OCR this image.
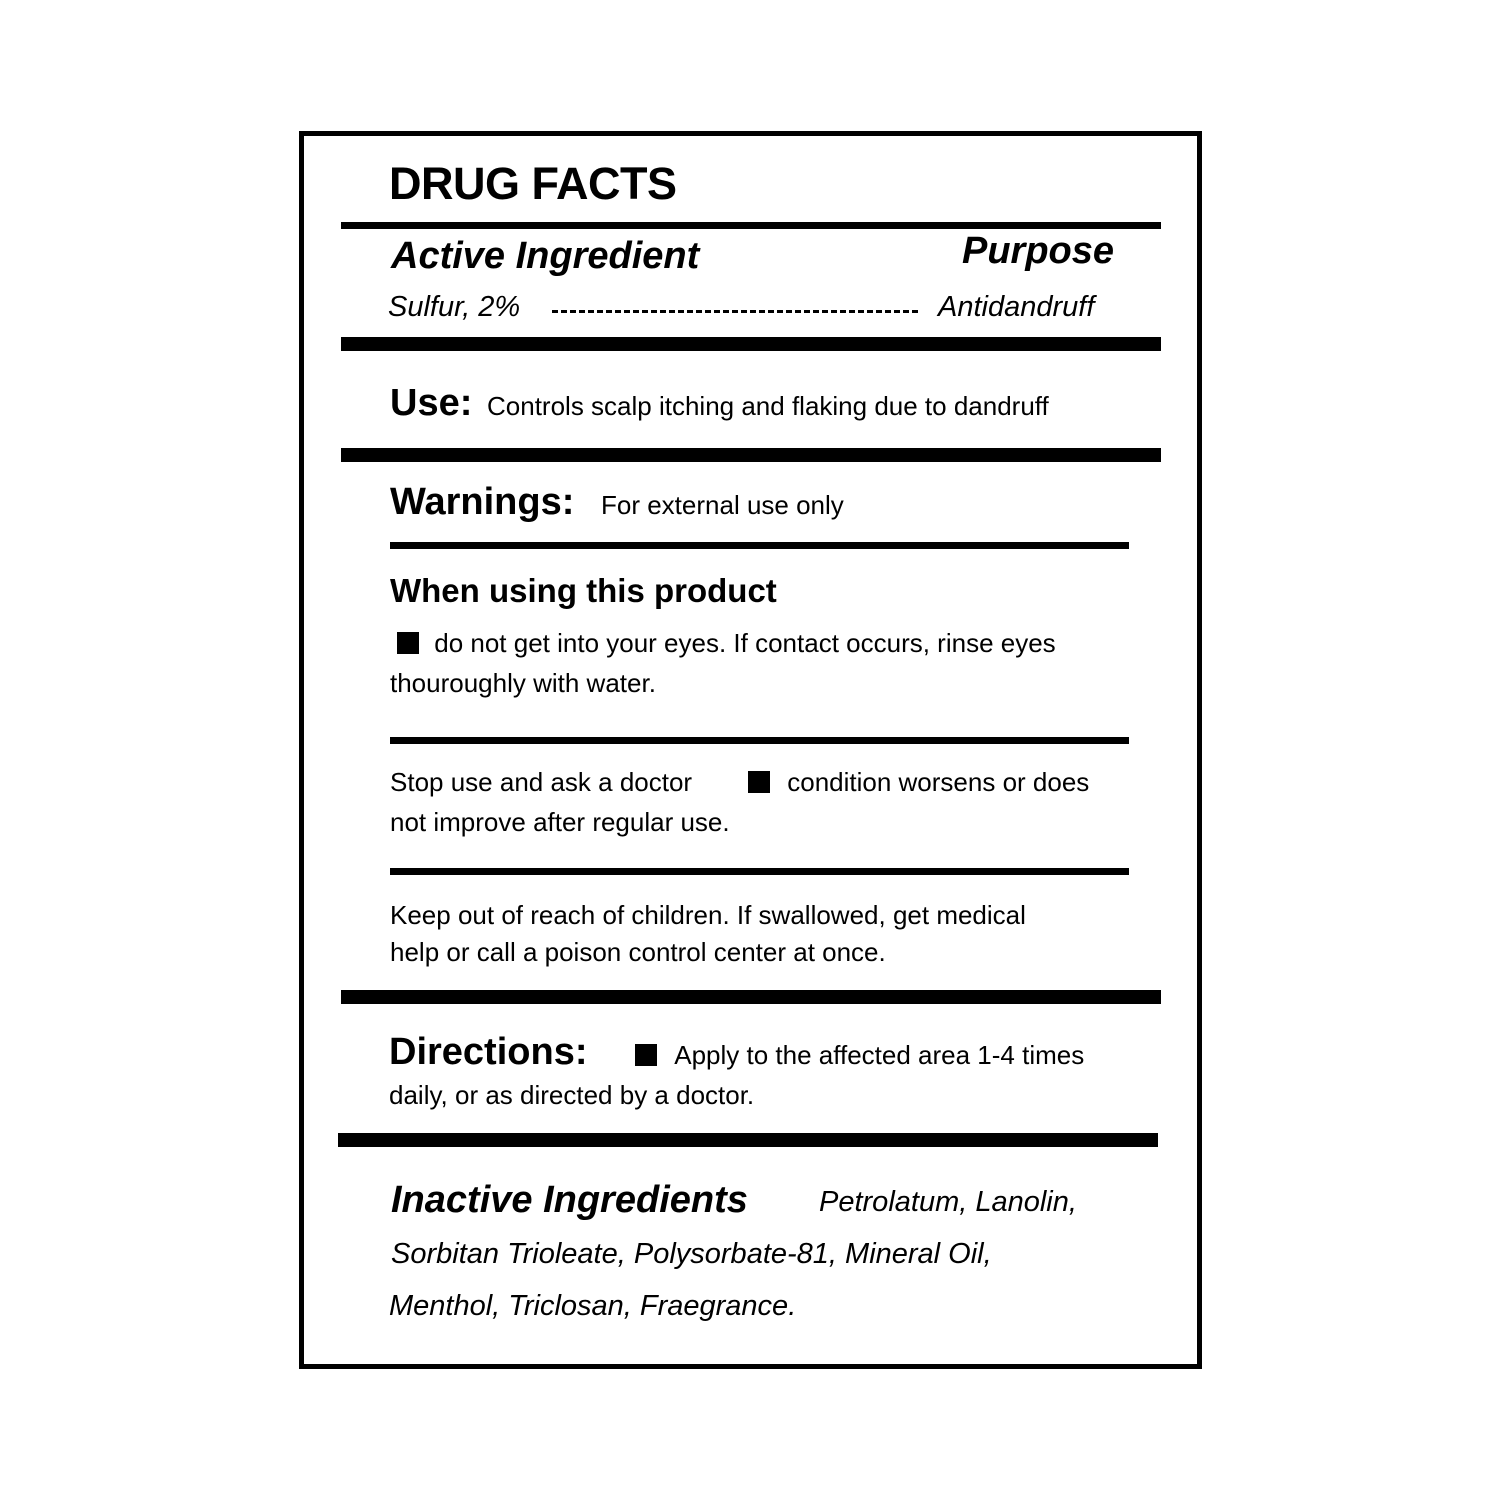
DRUG FACTS
Active Ingredient	Purpose
Sulfur, 2%	Antidandruff
Use: Controls scalp itching and flaking due to dandruff
Warnings: For external use only
When using this product
do not get into your eyes. If contact occurs, rinse eyes
thouroughly with water.
Stop use and ask a doctor	condition worsens or does
not improve after regular use.
Keep out of reach of children. If swallowed, get medical
help or call a poison control center at once.
Directions:	Apply to the affected area 1-4 times
daily, or as directed by a doctor.
Inactive Ingredients Petrolatum, Lanolin,
Sorbitan Trioleate, Polysorbate-81, Mineral Oil,
Menthol, Triclosan, Fraegrance.
